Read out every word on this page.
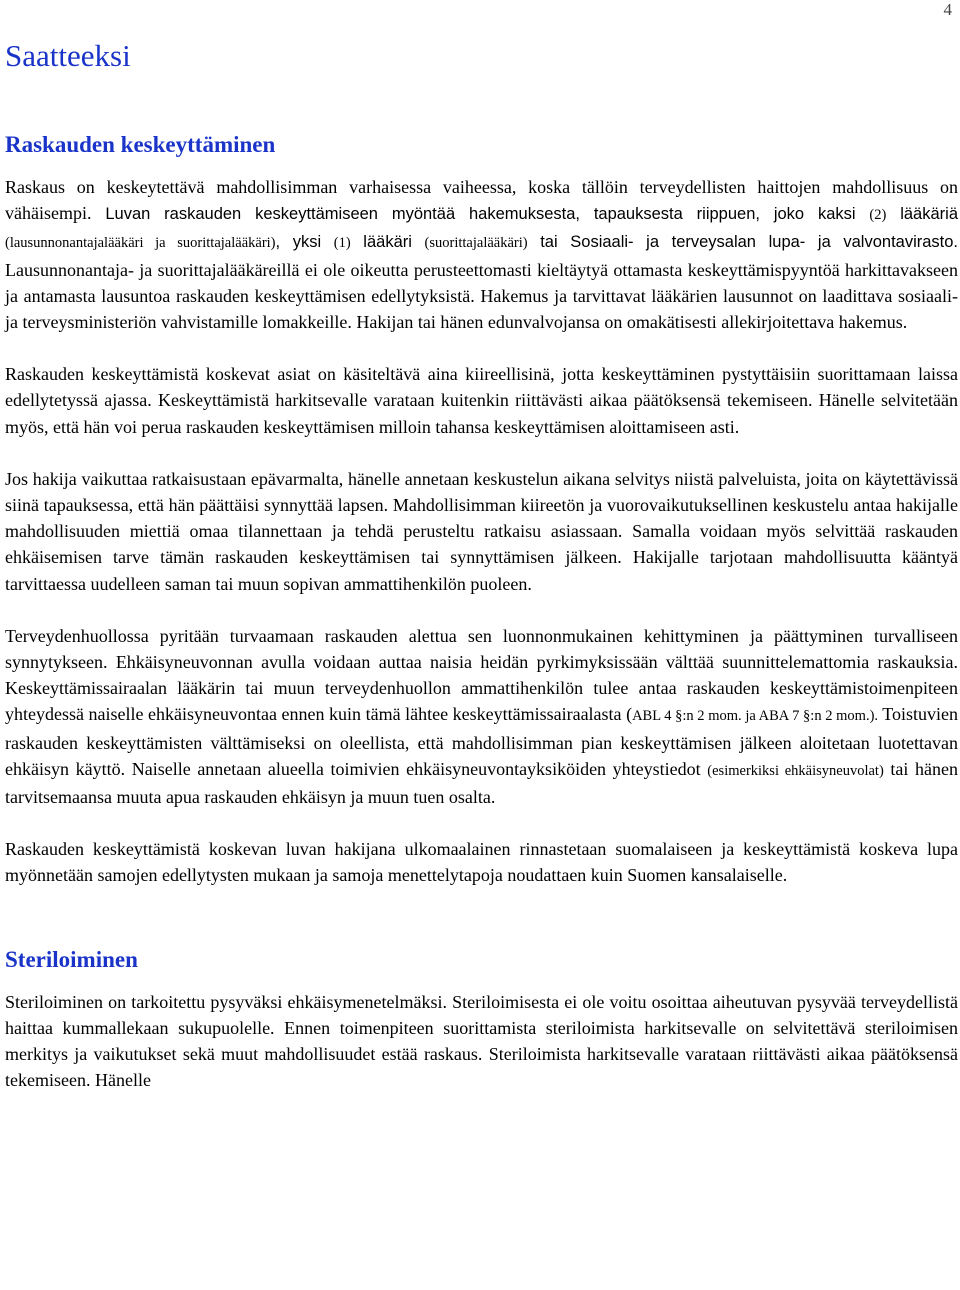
4
Saatteeksi
Raskauden keskeyttäminen

Raskaus on keskeytettävä mahdollisimman varhaisessa vaiheessa, koska tällöin terveydellisten haittojen mahdollisuus on vähäisempi. Luvan raskauden keskeyttämiseen myöntää hakemuksesta, tapauksesta riippuen, joko kaksi (2) lääkäriä (lausunnonantajalääkäri ja suorittajalääkäri), yksi (1) lääkäri (suorittajalääkäri) tai Sosiaali- ja terveysalan lupa- ja valvontavirasto. Lausunnonantaja- ja suorittajalääkäreillä ei ole oikeutta perusteettomasti kieltäytyä ottamasta keskeyttämispyyntöä harkittavakseen ja antamasta lausuntoa raskauden keskeyttämisen edellytyksistä. Hakemus ja tarvittavat lääkärien lausunnot on laadittava sosiaali- ja terveysministeriön vahvistamille lomakkeille. Hakijan tai hänen edunvalvojansa on omakätisesti allekirjoitettava hakemus.

Raskauden keskeyttämistä koskevat asiat on käsiteltävä aina kiireellisinä, jotta keskeyttäminen pystyttäisiin suorittamaan laissa edellytetyssä ajassa. Keskeyttämistä harkitsevalle varataan kuitenkin riittävästi aikaa päätöksensä tekemiseen. Hänelle selvitetään myös, että hän voi perua raskauden keskeyttämisen milloin tahansa keskeyttämisen aloittamiseen asti.

Jos hakija vaikuttaa ratkaisustaan epävarmalta, hänelle annetaan keskustelun aikana selvitys niistä palveluista, joita on käytettävissä siinä tapauksessa, että hän päättäisi synnyttää lapsen. Mahdollisimman kiireetön ja vuorovaikutuksellinen keskustelu antaa hakijalle mahdollisuuden miettiä omaa tilannettaan ja tehdä perusteltu ratkaisu asiassaan. Samalla voidaan myös selvittää raskauden ehkäisemisen tarve tämän raskauden keskeyttämisen tai synnyttämisen jälkeen. Hakijalle tarjotaan mahdollisuutta kääntyä tarvittaessa uudelleen saman tai muun sopivan ammattihenkilön puoleen.

Terveydenhuollossa pyritään turvaamaan raskauden alettua sen luonnonmukainen kehittyminen ja päättyminen turvalliseen synnytykseen. Ehkäisyneuvonnan avulla voidaan auttaa naisia heidän pyrkimyksissään välttää suunnittelemattomia raskauksia. Keskeyttämissairaalan lääkärin tai muun terveydenhuollon ammattihenkilön tulee antaa raskauden keskeyttämistoimenpiteen yhteydessä naiselle ehkäisyneuvontaa ennen kuin tämä lähtee keskeyttämissairaalasta (ABL 4 §:n 2 mom. ja ABA 7 §:n 2 mom.). Toistuvien raskauden keskeyttämisten välttämiseksi on oleellista, että mahdollisimman pian keskeyttämisen jälkeen aloitetaan luotettavan ehkäisyn käyttö. Naiselle annetaan alueella toimivien ehkäisyneuvontayksiköiden yhteystiedot (esimerkiksi ehkäisyneuvolat) tai hänen tarvitsemaansa muuta apua raskauden ehkäisyn ja muun tuen osalta.

Raskauden keskeyttämistä koskevan luvan hakijana ulkomaalainen rinnastetaan suomalaiseen ja keskeyttämistä koskeva lupa myönnetään samojen edellytysten mukaan ja samoja menettelytapoja noudattaen kuin Suomen kansalaiselle.

Steriloiminen

Steriloiminen on tarkoitettu pysyväksi ehkäisymenetelmäksi. Steriloimisesta ei ole voitu osoittaa aiheutuvan pysyvää terveydellistä haittaa kummallekaan sukupuolelle. Ennen toimenpiteen suorittamista steriloimista harkitsevalle on selvitettävä steriloimisen merkitys ja vaikutukset sekä muut mahdollisuudet estää raskaus. Steriloimista harkitsevalle varataan riittävästi aikaa päätöksensä tekemiseen. Hänelle
